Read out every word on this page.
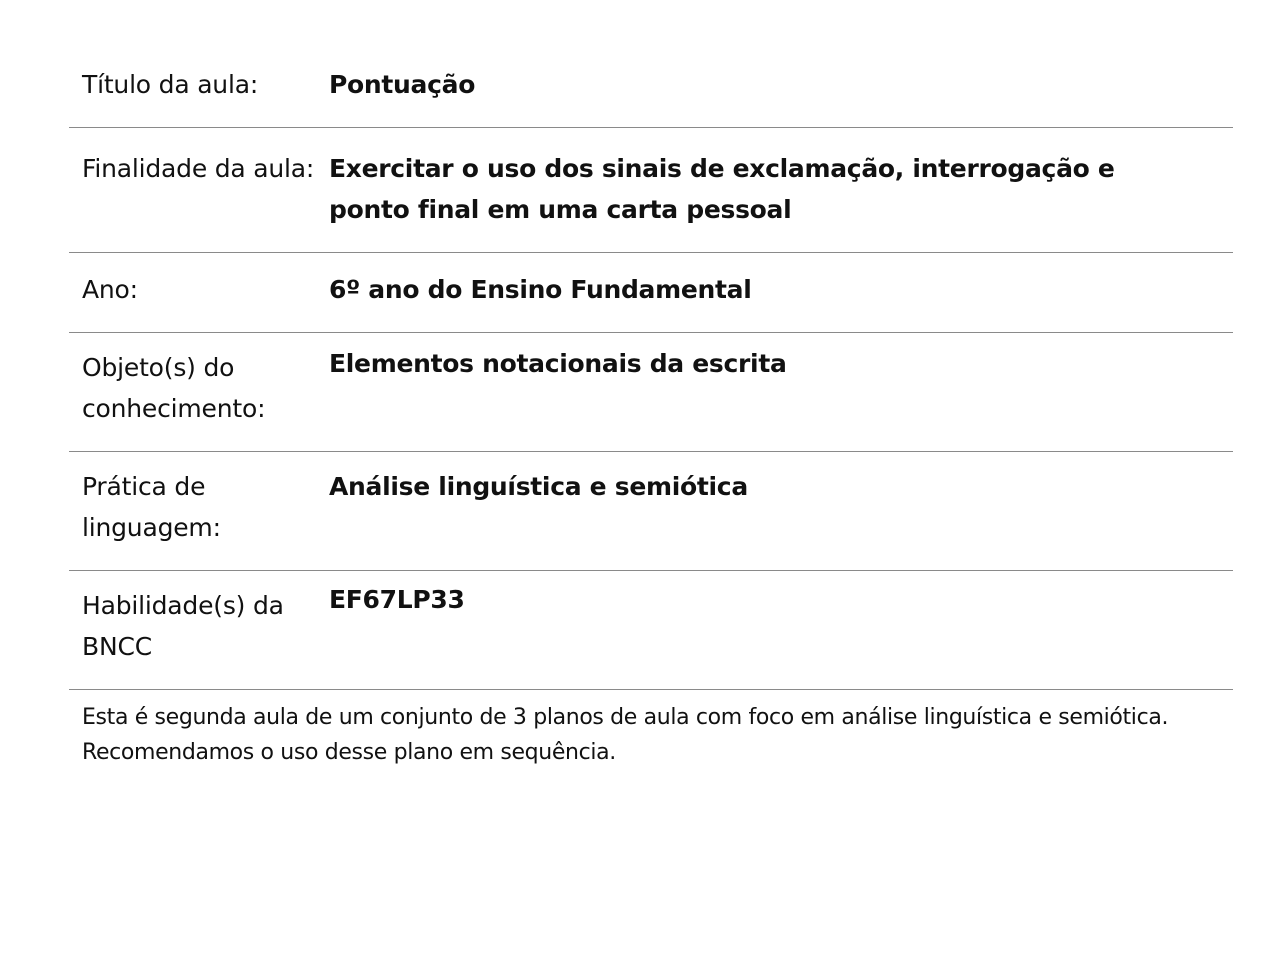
Título da aula:	Pontuação
Finalidade da aula:	Exercitar o uso dos sinais de exclamação, interrogação e ponto final em uma carta pessoal
Ano:	6º ano do Ensino Fundamental
Objeto(s) do conhecimento:	Elementos notacionais da escrita
Prática de linguagem:	Análise linguística e semiótica
Habilidade(s) da BNCC	EF67LP33
Esta é segunda aula de um conjunto de 3 planos de aula com foco em análise linguística e semiótica. Recomendamos o uso desse plano em sequência.
